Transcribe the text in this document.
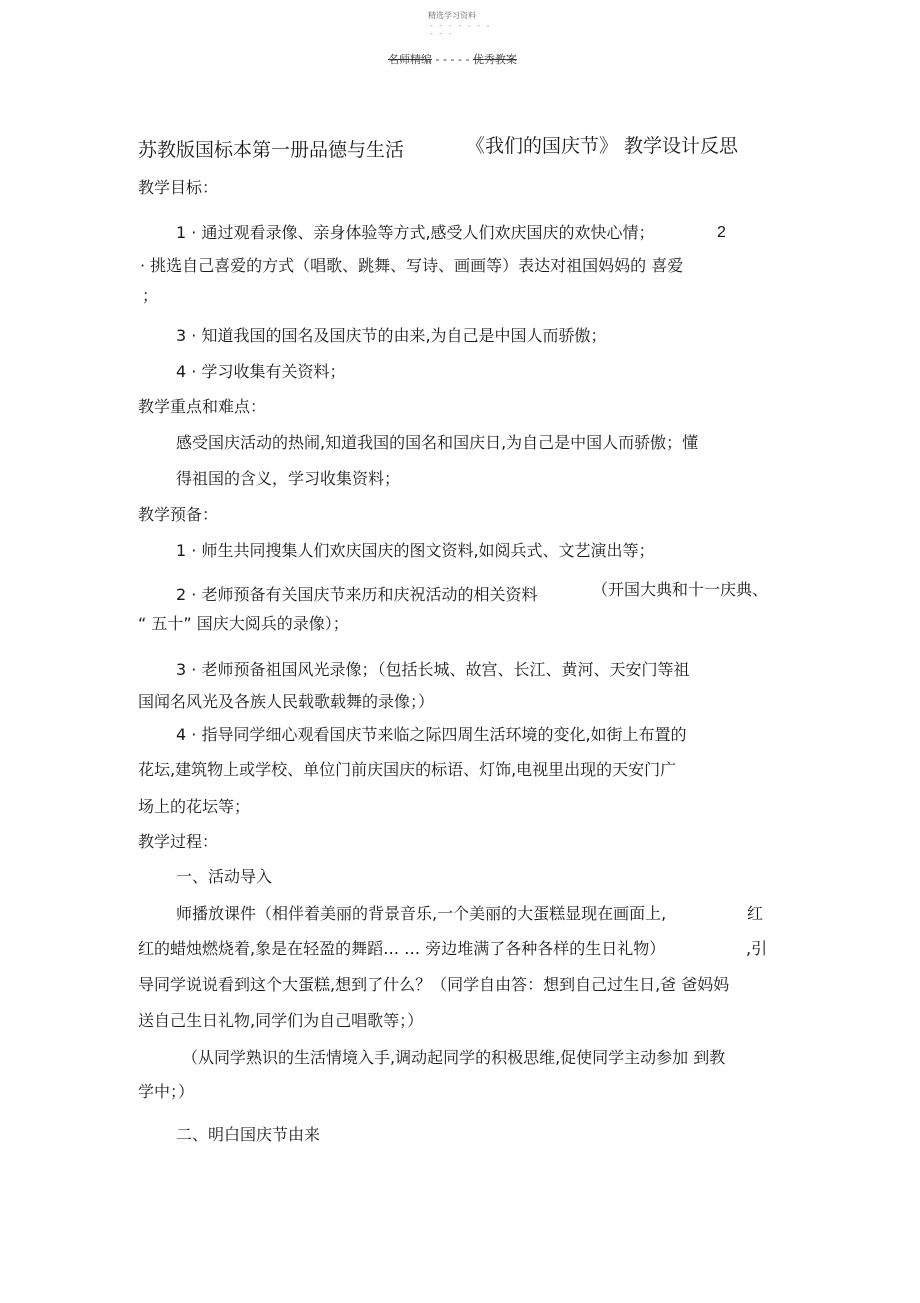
精选学习资料
- - - - - - -
- - -
名师精编 - - - - - 优秀教案
苏教版国标本第一册品德与生活	《我们的国庆节》 教学设计反思
教学目标：
1 · 通过观看录像、亲身体验等方式,感受人们欢庆国庆的欢快心情；	2
· 挑选自己喜爱的方式（唱歌、跳舞、写诗、画画等）表达对祖国妈妈的 喜爱
；
3 · 知道我国的国名及国庆节的由来,为自己是中国人而骄傲；
4 · 学习收集有关资料；
教学重点和难点：
感受国庆活动的热闹,知道我国的国名和国庆日,为自己是中国人而骄傲；懂
得祖国的含义，学习收集资料；
教学预备：
1 · 师生共同搜集人们欢庆国庆的图文资料,如阅兵式、文艺演出等；
2 · 老师预备有关国庆节来历和庆祝活动的相关资料	（开国大典和十一庆典、
“ 五十” 国庆大阅兵的录像）；
3 · 老师预备祖国风光录像；（包括长城、故宫、长江、黄河、天安门等祖
国闻名风光及各族人民载歌载舞的录像；）
4 · 指导同学细心观看国庆节来临之际四周生活环境的变化,如街上布置的
花坛,建筑物上或学校、单位门前庆国庆的标语、灯饰,电视里出现的天安门广
场上的花坛等；
教学过程：
一、活动导入
师播放课件（相伴着美丽的背景音乐,一个美丽的大蛋糕显现在画面上,	红
红的蜡烛燃烧着,象是在轻盈的舞蹈… … 旁边堆满了各种各样的生日礼物）	,引
导同学说说看到这个大蛋糕,想到了什么？（同学自由答：想到自己过生日,爸 爸妈妈
送自己生日礼物,同学们为自己唱歌等；）
（从同学熟识的生活情境入手,调动起同学的积极思维,促使同学主动参加 到教
学中；）
二、明白国庆节由来
